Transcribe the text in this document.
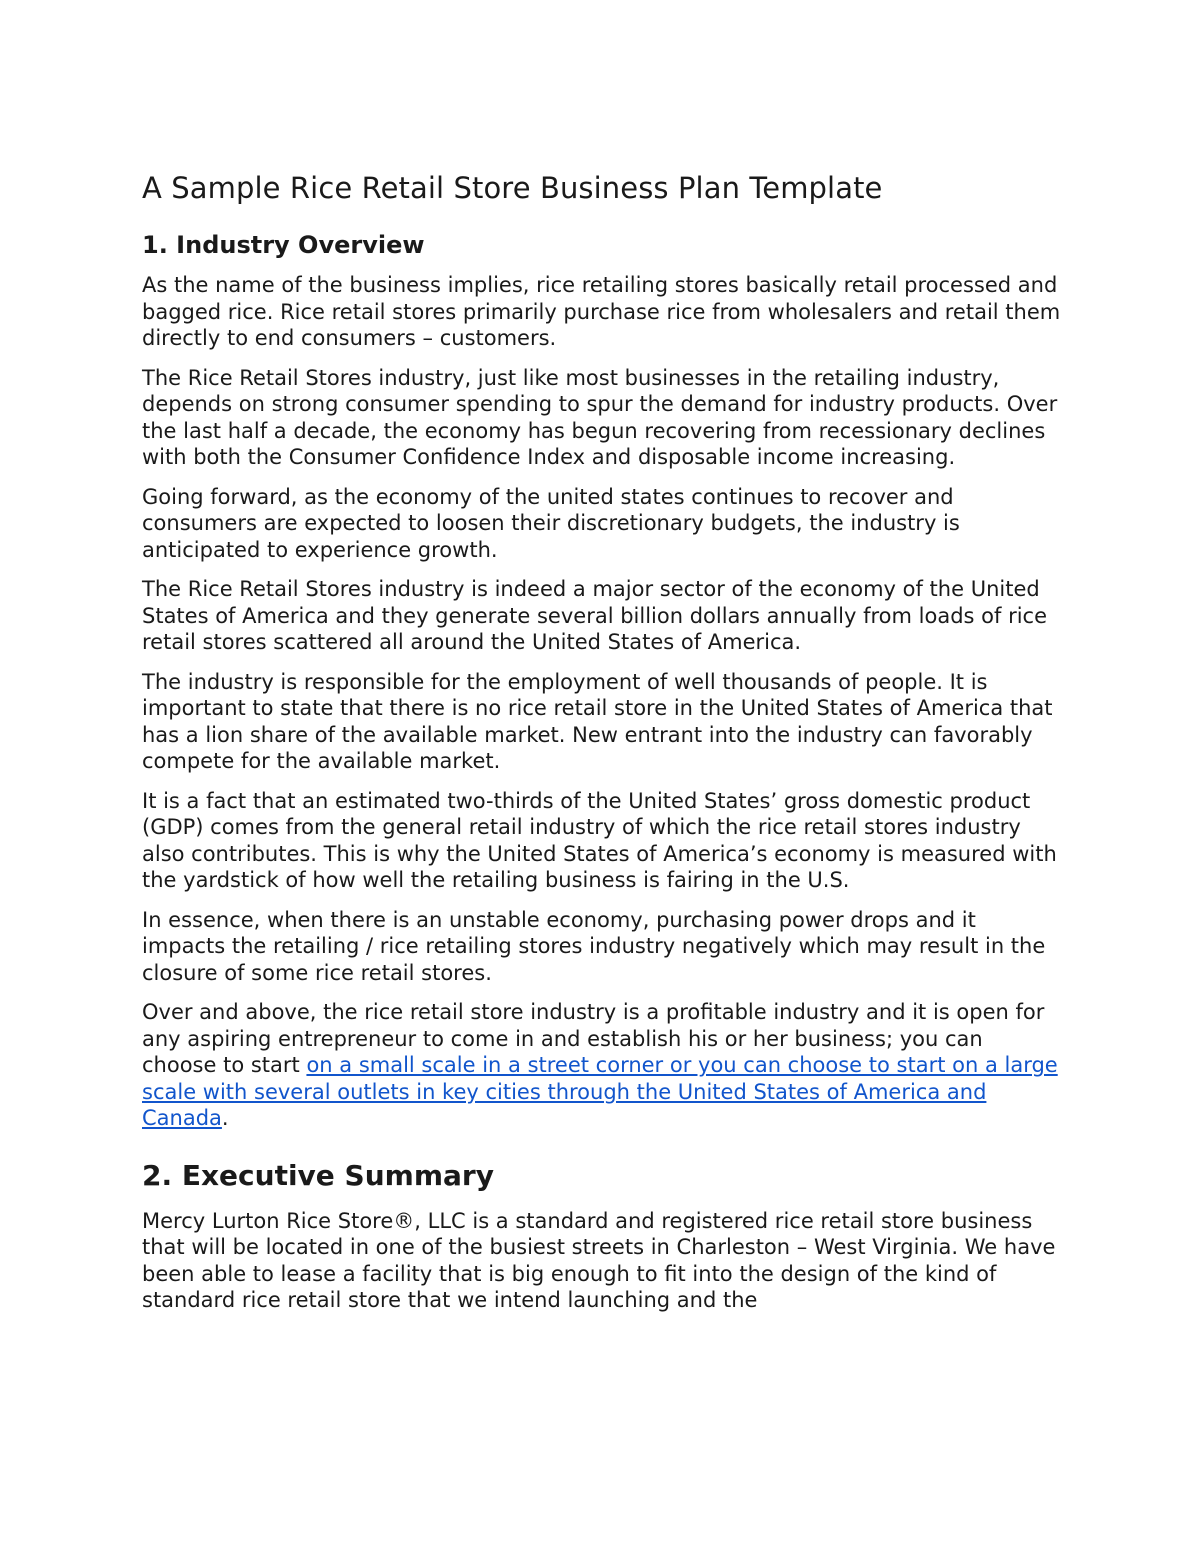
A Sample Rice Retail Store Business Plan Template
1. Industry Overview

As the name of the business implies, rice retailing stores basically retail processed and bagged rice. Rice retail stores primarily purchase rice from wholesalers and retail them directly to end consumers – customers.

The Rice Retail Stores industry, just like most businesses in the retailing industry, depends on strong consumer spending to spur the demand for industry products. Over the last half a decade, the economy has begun recovering from recessionary declines with both the Consumer Confidence Index and disposable income increasing.

Going forward, as the economy of the united states continues to recover and consumers are expected to loosen their discretionary budgets, the industry is anticipated to experience growth.

The Rice Retail Stores industry is indeed a major sector of the economy of the United States of America and they generate several billion dollars annually from loads of rice retail stores scattered all around the United States of America.

The industry is responsible for the employment of well thousands of people. It is important to state that there is no rice retail store in the United States of America that has a lion share of the available market. New entrant into the industry can favorably compete for the available market.

It is a fact that an estimated two-thirds of the United States’ gross domestic product (GDP) comes from the general retail industry of which the rice retail stores industry also contributes. This is why the United States of America’s economy is measured with the yardstick of how well the retailing business is fairing in the U.S.

In essence, when there is an unstable economy, purchasing power drops and it impacts the retailing / rice retailing stores industry negatively which may result in the closure of some rice retail stores.

Over and above, the rice retail store industry is a profitable industry and it is open for any aspiring entrepreneur to come in and establish his or her business; you can choose to start on a small scale in a street corner or you can choose to start on a large scale with several outlets in key cities through the United States of America and Canada.

2. Executive Summary

Mercy Lurton Rice Store®, LLC is a standard and registered rice retail store business that will be located in one of the busiest streets in Charleston – West Virginia. We have been able to lease a facility that is big enough to fit into the design of the kind of standard rice retail store that we intend launching and the
